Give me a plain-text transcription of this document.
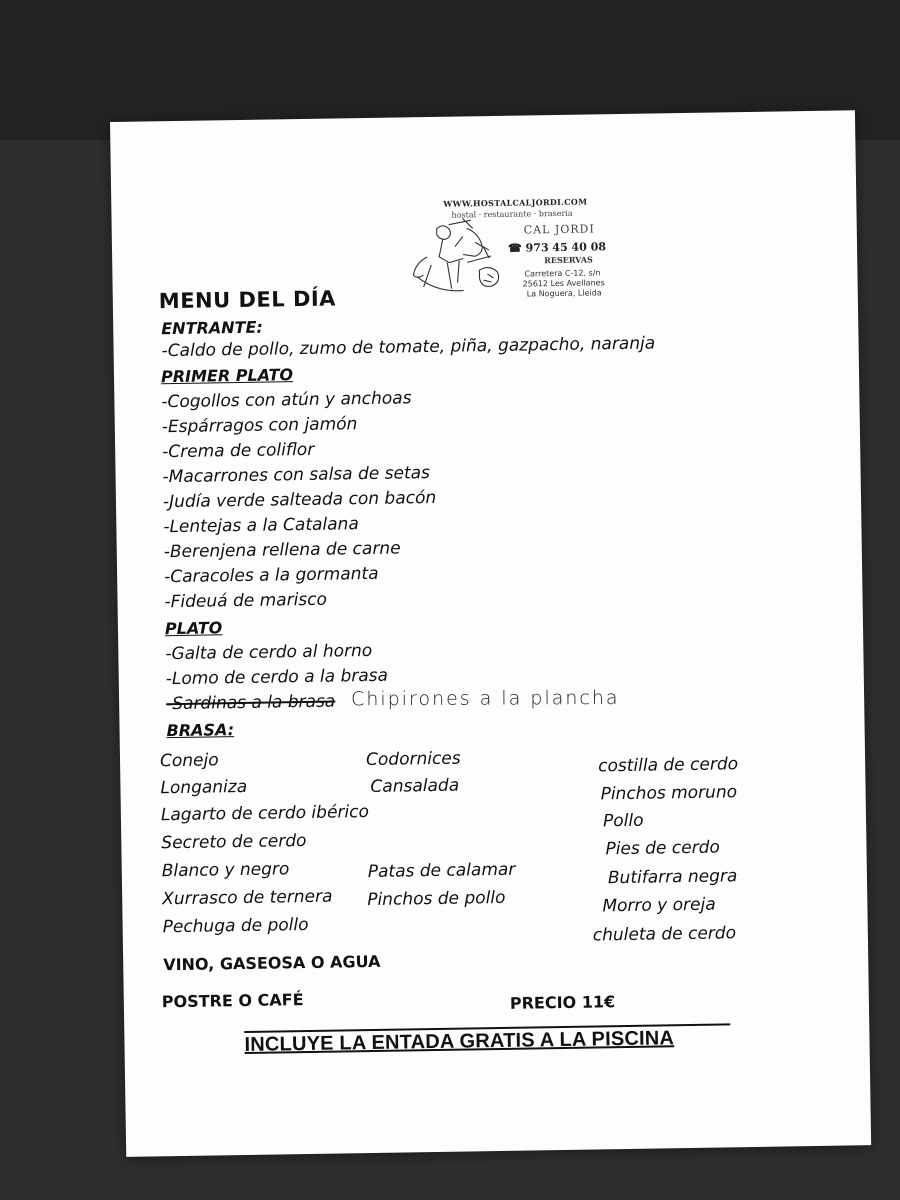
WWW.HOSTALCALJORDI.COM
hostal · restaurante · braseria
CAL JORDI
☎ 973 45 40 08
RESERVAS
Carretera C-12, s/n
25612 Les Avellanes
La Noguera, Lleida
MENU DEL DÍA
ENTRANTE:
-Caldo de pollo, zumo de tomate, piña, gazpacho, naranja
PRIMER PLATO
-Cogollos con atún y anchoas
-Espárragos con jamón
-Crema de coliflor
-Macarrones con salsa de setas
-Judía verde salteada con bacón
-Lentejas a la Catalana
-Berenjena rellena de carne
-Caracoles a la gormanta
-Fideuá de marisco
PLATO
-Galta de cerdo al horno
-Lomo de cerdo a la brasa
-Sardinas a la brasa Chipirones a la plancha
BRASA:
Conejo
Longaniza
Lagarto de cerdo ibérico
Secreto de cerdo
Blanco y negro
Xurrasco de ternera
Pechuga de pollo
Codornices
Cansalada
Patas de calamar
Pinchos de pollo
costilla de cerdo
Pinchos moruno
Pollo
Pies de cerdo
Butifarra negra
Morro y oreja
chuleta de cerdo
VINO, GASEOSA O AGUA
POSTRE O CAFÉ	PRECIO 11€
INCLUYE LA ENTADA GRATIS A LA PISCINA
